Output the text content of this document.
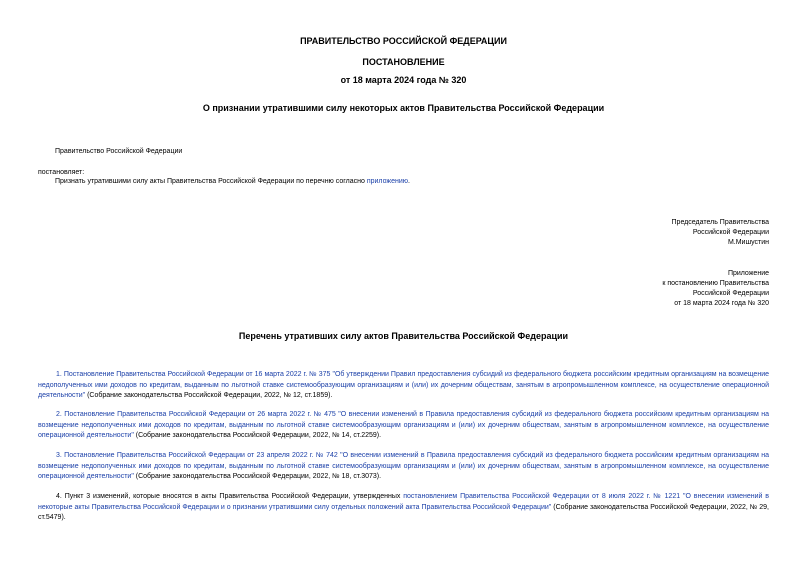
ПРАВИТЕЛЬСТВО РОССИЙСКОЙ ФЕДЕРАЦИИ
ПОСТАНОВЛЕНИЕ
от 18 марта 2024 года № 320
О признании утратившими силу некоторых актов Правительства Российской Федерации
Правительство Российской Федерации
постановляет:
Признать утратившими силу акты Правительства Российской Федерации по перечню согласно приложению.
Председатель Правительства
Российской Федерации
М.Мишустин
Приложение
к постановлению Правительства
Российской Федерации
от 18 марта 2024 года № 320
Перечень утративших силу актов Правительства Российской Федерации
1. Постановление Правительства Российской Федерации от 16 марта 2022 г. № 375 "Об утверждении Правил предоставления субсидий из федерального бюджета российским кредитным организациям на возмещение недополученных ими доходов по кредитам, выданным по льготной ставке системообразующим организациям и (или) их дочерним обществам, занятым в агропромышленном комплексе, на осуществление операционной деятельности" (Собрание законодательства Российской Федерации, 2022, № 12, ст.1859).
2. Постановление Правительства Российской Федерации от 26 марта 2022 г. № 475 "О внесении изменений в Правила предоставления субсидий из федерального бюджета российским кредитным организациям на возмещение недополученных ими доходов по кредитам, выданным по льготной ставке системообразующим организациям и (или) их дочерним обществам, занятым в агропромышленном комплексе, на осуществление операционной деятельности" (Собрание законодательства Российской Федерации, 2022, № 14, ст.2259).
3. Постановление Правительства Российской Федерации от 23 апреля 2022 г. № 742 "О внесении изменений в Правила предоставления субсидий из федерального бюджета российским кредитным организациям на возмещение недополученных ими доходов по кредитам, выданным по льготной ставке системообразующим организациям и (или) их дочерним обществам, занятым в агропромышленном комплексе, на осуществление операционной деятельности" (Собрание законодательства Российской Федерации, 2022, № 18, ст.3073).
4. Пункт 3 изменений, которые вносятся в акты Правительства Российской Федерации, утвержденных постановлением Правительства Российской Федерации от 8 июля 2022 г. № 1221 "О внесении изменений в некоторые акты Правительства Российской Федерации и о признании утратившими силу отдельных положений акта Правительства Российской Федерации" (Собрание законодательства Российской Федерации, 2022, № 29, ст.5479).
